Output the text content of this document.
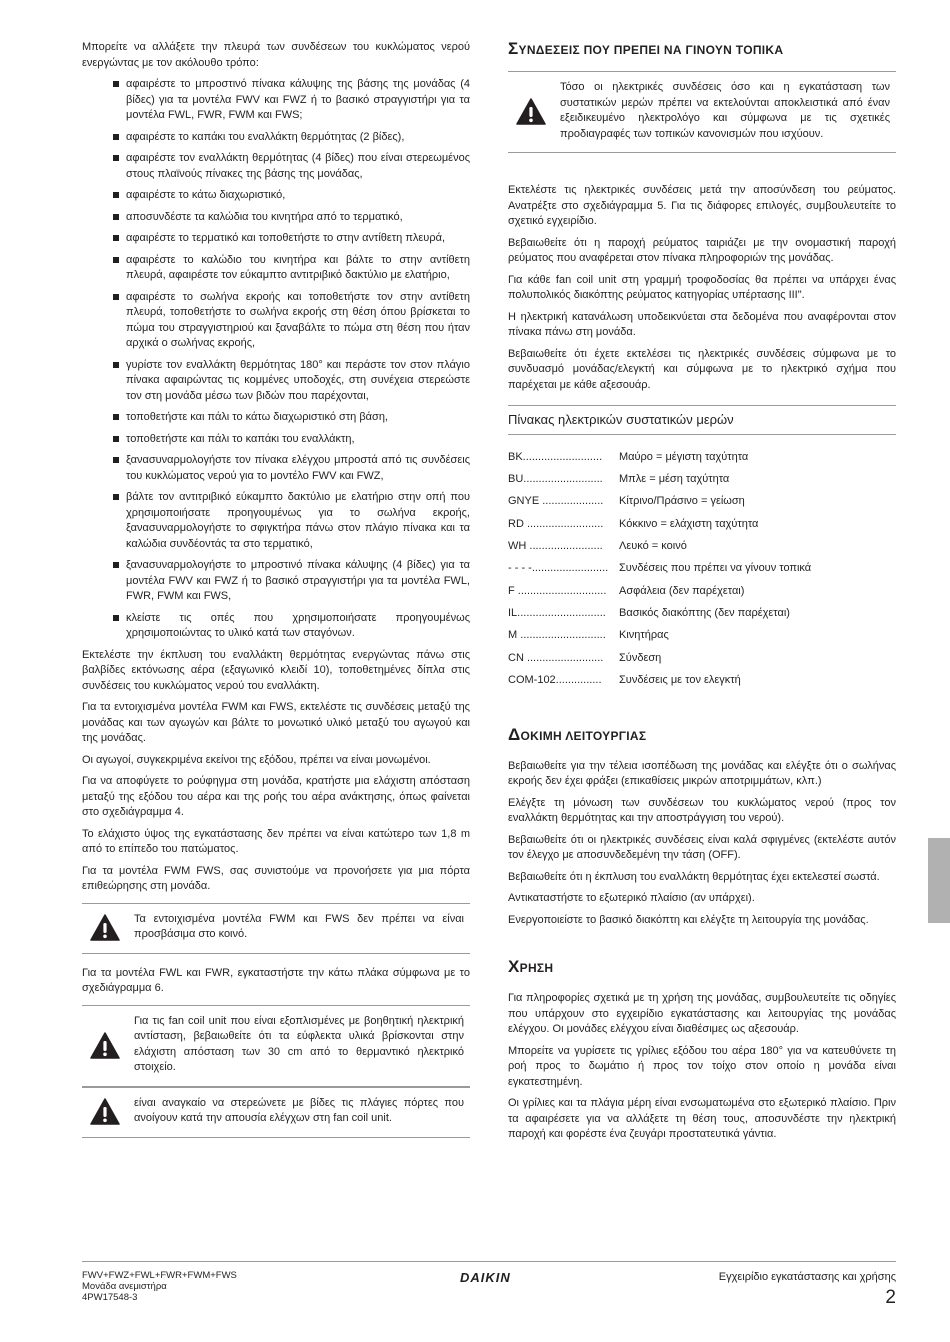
Μπορείτε να αλλάξετε την πλευρά των συνδέσεων του κυκλώματος νερού ενεργώντας με τον ακόλουθο τρόπο:

αφαιρέστε το μπροστινό πίνακα κάλυψης της βάσης της μονάδας (4 βίδες) για τα μοντέλα FWV και FWZ ή το βασικό στραγγιστήρι για τα μοντέλα FWL, FWR, FWM και FWS;
αφαιρέστε το καπάκι του εναλλάκτη θερμότητας (2 βίδες),
αφαιρέστε τον εναλλάκτη θερμότητας (4 βίδες) που είναι στερεωμένος στους πλαϊνούς πίνακες της βάσης της μονάδας,
αφαιρέστε το κάτω διαχωριστικό,
αποσυνδέστε τα καλώδια του κινητήρα από το τερματικό,
αφαιρέστε το τερματικό και τοποθετήστε το στην αντίθετη πλευρά,
αφαιρέστε το καλώδιο του κινητήρα και βάλτε το στην αντίθετη πλευρά, αφαιρέστε τον εύκαμπτο αντιτριβικό δακτύλιο με ελατήριο,
αφαιρέστε το σωλήνα εκροής και τοποθετήστε τον στην αντίθετη πλευρά, τοποθετήστε το σωλήνα εκροής στη θέση όπου βρίσκεται το πώμα του στραγγιστηριού και ξαναβάλτε το πώμα στη θέση που ήταν αρχικά ο σωλήνας εκροής,
γυρίστε τον εναλλάκτη θερμότητας 180° και περάστε τον στον πλάγιο πίνακα αφαιρώντας τις κομμένες υποδοχές, στη συνέχεια στερεώστε τον στη μονάδα μέσω των βιδών που παρέχονται,
τοποθετήστε και πάλι το κάτω διαχωριστικό στη βάση,
τοποθετήστε και πάλι το καπάκι του εναλλάκτη,
ξανασυναρμολογήστε τον πίνακα ελέγχου μπροστά από τις συνδέσεις του κυκλώματος νερού για το μοντέλο FWV και FWZ,
βάλτε τον αντιτριβικό εύκαμπτο δακτύλιο με ελατήριο στην οπή που χρησιμοποιήσατε προηγουμένως για το σωλήνα εκροής, ξανασυναρμολογήστε το σφιγκτήρα πάνω στον πλάγιο πίνακα και τα καλώδια συνδέοντάς τα στο τερματικό,
ξανασυναρμολογήστε το μπροστινό πίνακα κάλυψης (4 βίδες) για τα μοντέλα FWV και FWZ ή το βασικό στραγγιστήρι για τα μοντέλα FWL, FWR, FWM και FWS,
κλείστε τις οπές που χρησιμοποιήσατε προηγουμένως χρησιμοποιώντας το υλικό κατά των σταγόνων.

Εκτελέστε την έκπλυση του εναλλάκτη θερμότητας ενεργώντας πάνω στις βαλβίδες εκτόνωσης αέρα (εξαγωνικό κλειδί 10), τοποθετημένες δίπλα στις συνδέσεις του κυκλώματος νερού του εναλλάκτη.

Για τα εντοιχισμένα μοντέλα FWM και FWS, εκτελέστε τις συνδέσεις μεταξύ της μονάδας και των αγωγών και βάλτε το μονωτικό υλικό μεταξύ του αγωγού και της μονάδας.

Οι αγωγοί, συγκεκριμένα εκείνοι της εξόδου, πρέπει να είναι μονωμένοι.

Για να αποφύγετε το ρούφηγμα στη μονάδα, κρατήστε μια ελάχιστη απόσταση μεταξύ της εξόδου του αέρα και της ροής του αέρα ανάκτησης, όπως φαίνεται στο σχεδιάγραμμα 4.

Το ελάχιστο ύψος της εγκατάστασης δεν πρέπει να είναι κατώτερο των 1,8 m από το επίπεδο του πατώματος.

Για τα μοντέλα FWM FWS, σας συνιστούμε να προνοήσετε για μια πόρτα επιθεώρησης στη μονάδα.

Τα εντοιχισμένα μοντέλα FWM και FWS δεν πρέπει να είναι προσβάσιμα στο κοινό.

Για τα μοντέλα FWL και FWR, εγκαταστήστε την κάτω πλάκα σύμφωνα με το σχεδιάγραμμα 6.

Για τις fan coil unit που είναι εξοπλισμένες με βοηθητική ηλεκτρική αντίσταση, βεβαιωθείτε ότι τα εύφλεκτα υλικά βρίσκονται στην ελάχιστη απόσταση των 30 cm από το θερμαντικό ηλεκτρικό στοιχείο.

είναι αναγκαίο να στερεώνετε με βίδες τις πλάγιες πόρτες που ανοίγουν κατά την απουσία ελέγχων στη fan coil unit.

ΣΥΝΔΕΣΕΙΣ ΠΟΥ ΠΡΕΠΕΙ ΝΑ ΓΙΝΟΥΝ ΤΟΠΙΚΑ

Τόσο οι ηλεκτρικές συνδέσεις όσο και η εγκατάσταση των συστατικών μερών πρέπει να εκτελούνται αποκλειστικά από έναν εξειδικευμένο ηλεκτρολόγο και σύμφωνα με τις σχετικές προδιαγραφές των τοπικών κανονισμών που ισχύουν.

Εκτελέστε τις ηλεκτρικές συνδέσεις μετά την αποσύνδεση του ρεύματος. Ανατρέξτε στο σχεδιάγραμμα 5. Για τις διάφορες επιλογές, συμβουλευτείτε το σχετικό εγχειρίδιο.

Βεβαιωθείτε ότι η παροχή ρεύματος ταιριάζει με την ονομαστική παροχή ρεύματος που αναφέρεται στον πίνακα πληροφοριών της μονάδας.

Για κάθε fan coil unit στη γραμμή τροφοδοσίας θα πρέπει να υπάρχει ένας πολυπολικός διακόπτης ρεύματος κατηγορίας υπέρτασης III".

Η ηλεκτρική κατανάλωση υποδεικνύεται στα δεδομένα που αναφέρονται στον πίνακα πάνω στη μονάδα.

Βεβαιωθείτε ότι έχετε εκτελέσει τις ηλεκτρικές συνδέσεις σύμφωνα με το συνδυασμό μονάδας/ελεγκτή και σύμφωνα με το ηλεκτρικό σχήμα που παρέχεται με κάθε αξεσουάρ.

Πίνακας ηλεκτρικών συστατικών μερών
BK..........................	Μαύρο = μέγιστη ταχύτητα
BU..........................	Μπλε = μέση ταχύτητα
GNYE ....................	Κίτρινο/Πράσινο = γείωση
RD .........................	Κόκκινο = ελάχιστη ταχύτητα
WH ........................	Λευκό = κοινό
- - - -......................... Συνδέσεις που πρέπει να γίνουν τοπικά
F .............................	Ασφάλεια (δεν παρέχεται)
IL.............................	Βασικός διακόπτης (δεν παρέχεται)
M ............................	Κινητήρας
CN .........................	Σύνδεση
COM-102...............	Συνδέσεις με τον ελεγκτή
ΔΟΚΙΜΗ ΛΕΙΤΟΥΡΓΙΑΣ

Βεβαιωθείτε για την τέλεια ισοπέδωση της μονάδας και ελέγξτε ότι ο σωλήνας εκροής δεν έχει φράξει (επικαθίσεις μικρών αποτριμμάτων, κλπ.)

Ελέγξτε τη μόνωση των συνδέσεων του κυκλώματος νερού (προς τον εναλλάκτη θερμότητας και την αποστράγγιση του νερού).

Βεβαιωθείτε ότι οι ηλεκτρικές συνδέσεις είναι καλά σφιγμένες (εκτελέστε αυτόν τον έλεγχο με αποσυνδεδεμένη την τάση (OFF).

Βεβαιωθείτε ότι η έκπλυση του εναλλάκτη θερμότητας έχει εκτελεστεί σωστά.

Αντικαταστήστε το εξωτερικό πλαίσιο (αν υπάρχει).

Ενεργοποιείστε το βασικό διακόπτη και ελέγξτε τη λειτουργία της μονάδας.

ΧΡΗΣΗ

Για πληροφορίες σχετικά με τη χρήση της μονάδας, συμβουλευτείτε τις οδηγίες που υπάρχουν στο εγχειρίδιο εγκατάστασης και λειτουργίας της μονάδας ελέγχου. Οι μονάδες ελέγχου είναι διαθέσιμες ως αξεσουάρ.

Μπορείτε να γυρίσετε τις γρίλιες εξόδου του αέρα 180° για να κατευθύνετε τη ροή προς το δωμάτιο ή προς τον τοίχο στον οποίο η μονάδα είναι εγκατεστημένη.

Οι γρίλιες και τα πλάγια μέρη είναι ενσωματωμένα στο εξωτερικό πλαίσιο. Πριν τα αφαιρέσετε για να αλλάξετε τη θέση τους, αποσυνδέστε την ηλεκτρική παροχή και φορέστε ένα ζευγάρι προστατευτικά γάντια.

FWV+FWZ+FWL+FWR+FWM+FWS
Μονάδα ανεμιστήρα
4PW17548-3
DAIKIN	Εγχειρίδιο εγκατάστασης και χρήσης
2
